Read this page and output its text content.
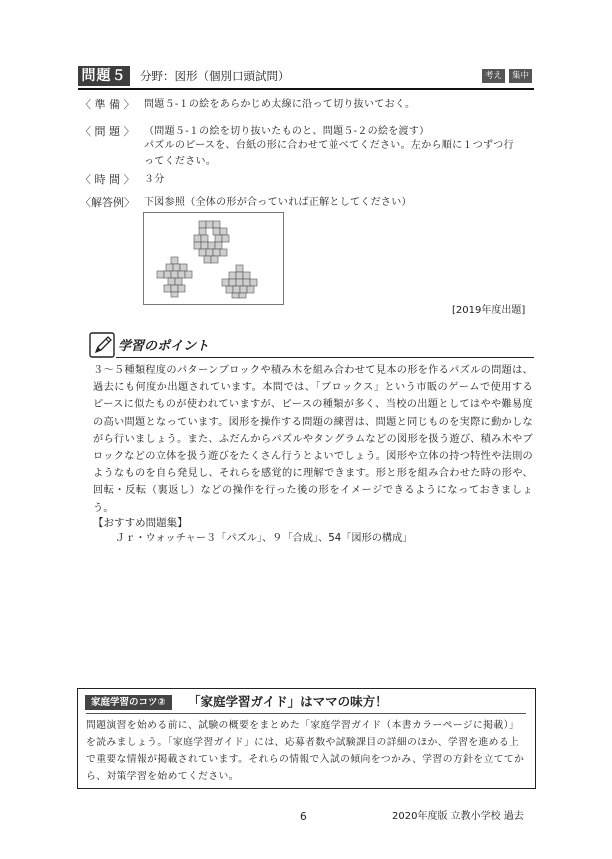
問題５	分野：図形（個別口頭試問）	考え	集中
〈 準 備 〉 問題５-１の絵をあらかじめ太線に沿って切り抜いておく。
〈 問 題 〉 （問題５-１の絵を切り抜いたものと、問題５-２の絵を渡す）
パズルのピースを、台紙の形に合わせて並べてください。左から順に１つずつ行ってください。
〈 時 間 〉 ３分
〈解答例〉 下図参照（全体の形が合っていれば正解としてください）
[2019年度出題]
学習のポイント
３～５種類程度のパターンブロックや積み木を組み合わせて見本の形を作るパズルの問題は、過去にも何度か出題されています。本問では、「ブロックス」という市販のゲームで使用するピースに似たものが使われていますが、ピースの種類が多く、当校の出題としてはやや難易度の高い問題となっています。図形を操作する問題の練習は、問題と同じものを実際に動かしながら行いましょう。また、ふだんからパズルやタングラムなどの図形を扱う遊び、積み木やブロックなどの立体を扱う遊びをたくさん行うとよいでしょう。図形や立体の持つ特性や法則のようなものを自ら発見し、それらを感覚的に理解できます。形と形を組み合わせた時の形や、回転・反転（裏返し）などの操作を行った後の形をイメージできるようになっておきましょう。
【おすすめ問題集】
Ｊｒ・ウォッチャー３「パズル」、９「合成」、54「図形の構成」
家庭学習のコツ②	「家庭学習ガイド」はママの味方！
問題演習を始める前に、試験の概要をまとめた「家庭学習ガイド（本書カラーページに掲載）」を読みましょう。「家庭学習ガイド」には、応募者数や試験課目の詳細のほか、学習を進める上で重要な情報が掲載されています。それらの情報で入試の傾向をつかみ、学習の方針を立ててから、対策学習を始めてください。
6	2020年度版 立教小学校 過去
